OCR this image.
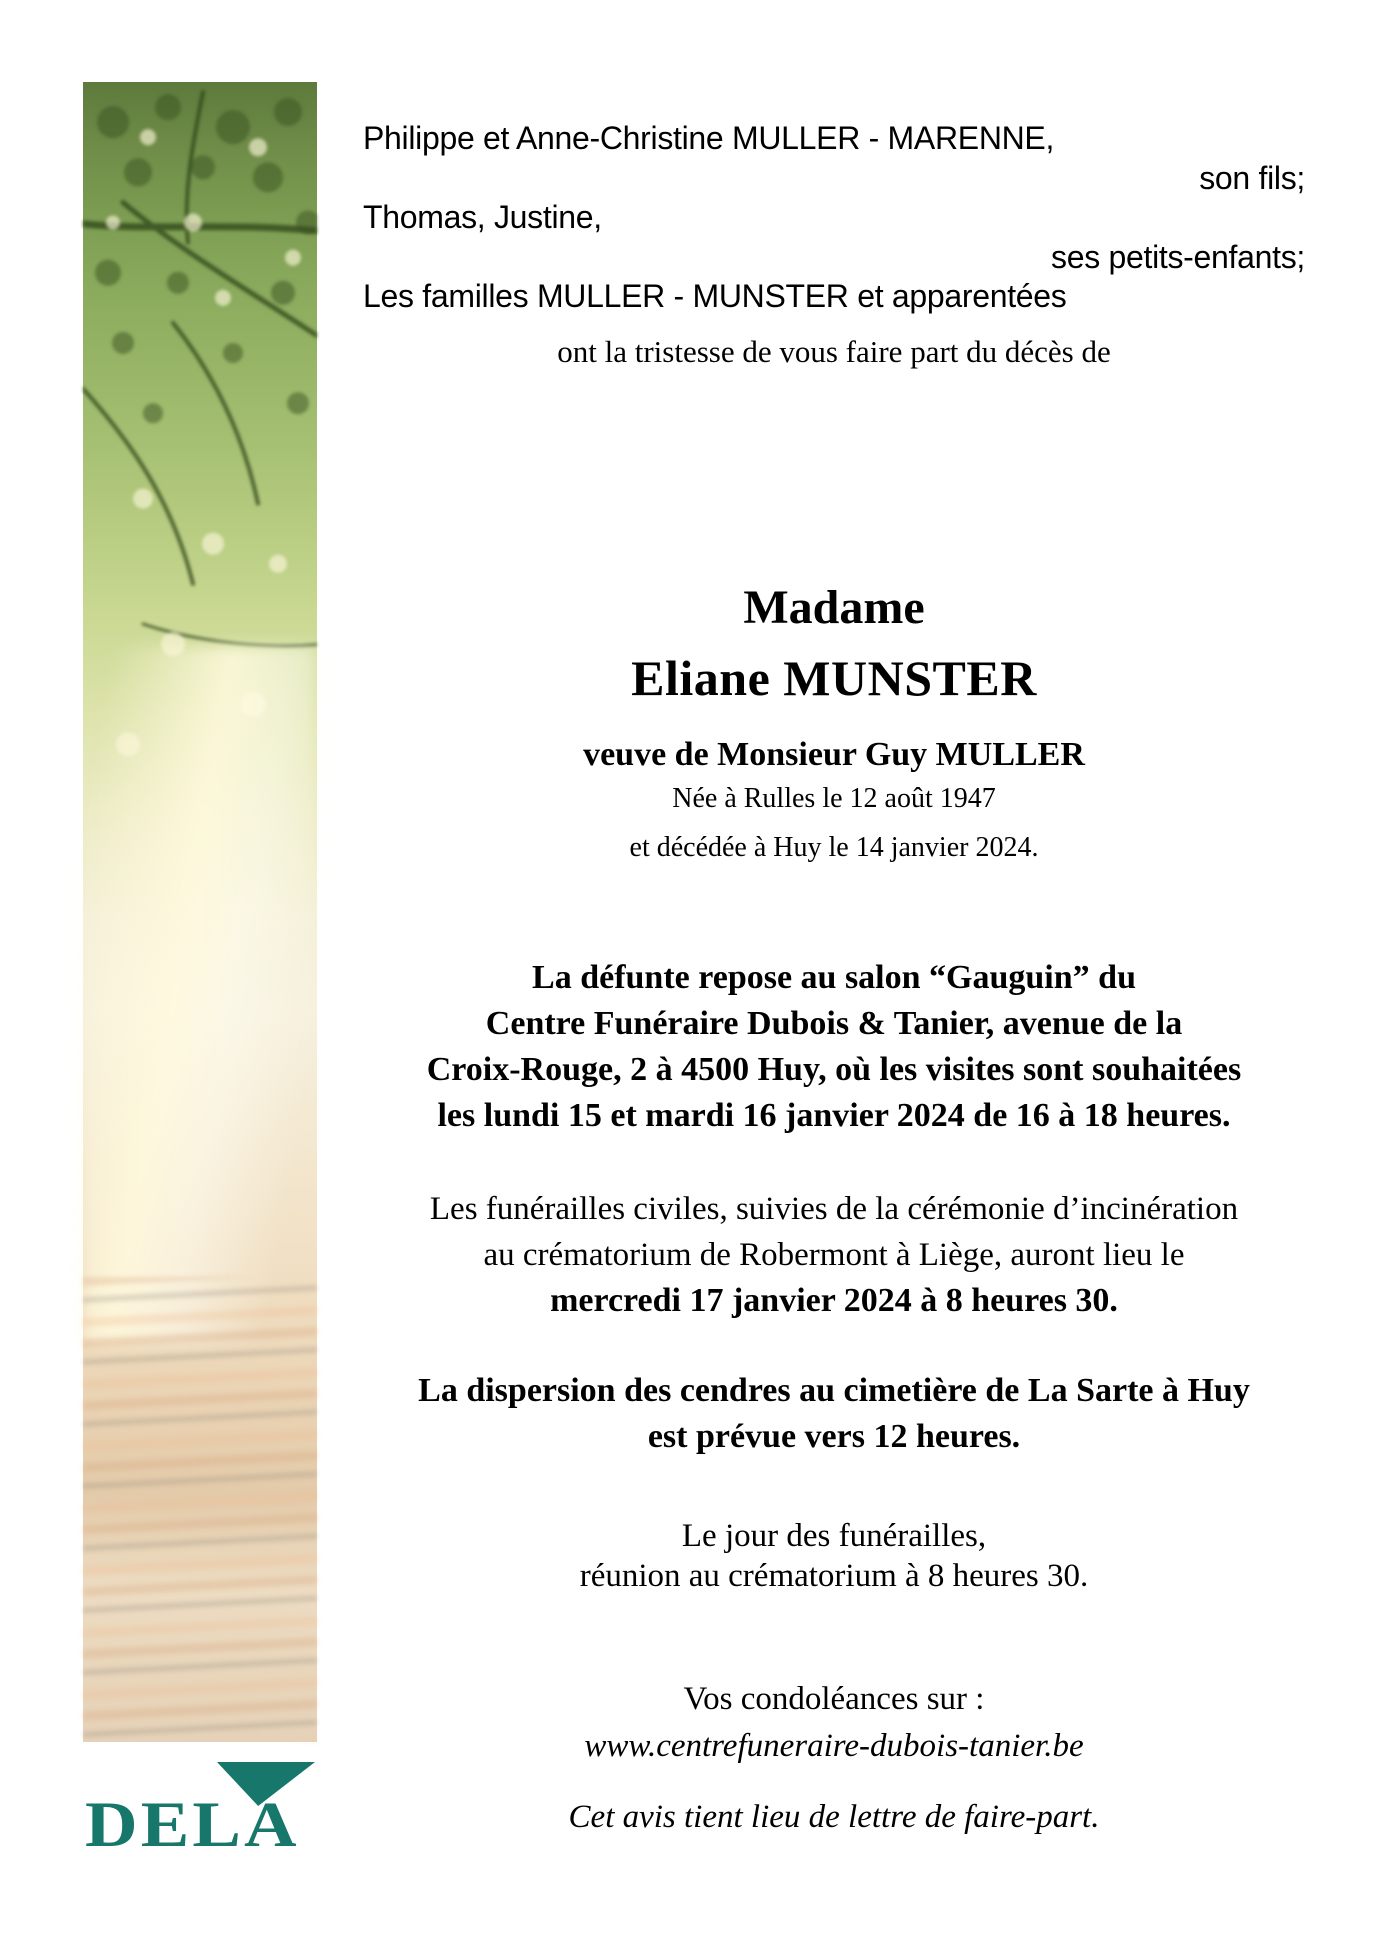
Philippe et Anne-Christine MULLER - MARENNE,
son fils;
Thomas, Justine,
ses petits-enfants;
Les familles MULLER - MUNSTER et apparentées
ont la tristesse de vous faire part du décès de
Madame
Eliane MUNSTER
veuve de Monsieur Guy MULLER
Née à Rulles le 12 août 1947
et décédée à Huy le 14 janvier 2024.
La défunte repose au salon “Gauguin” du
Centre Funéraire Dubois & Tanier, avenue de la
Croix-Rouge, 2 à 4500 Huy, où les visites sont souhaitées
les lundi 15 et mardi 16 janvier 2024 de 16 à 18 heures.
Les funérailles civiles, suivies de la cérémonie d’incinération
au crématorium de Robermont à Liège, auront lieu le
mercredi 17 janvier 2024 à 8 heures 30.
La dispersion des cendres au cimetière de La Sarte à Huy
est prévue vers 12 heures.
Le jour des funérailles,
réunion au crématorium à 8 heures 30.
Vos condoléances sur :
www.centrefuneraire-dubois-tanier.be
Cet avis tient lieu de lettre de faire-part.
DELA
